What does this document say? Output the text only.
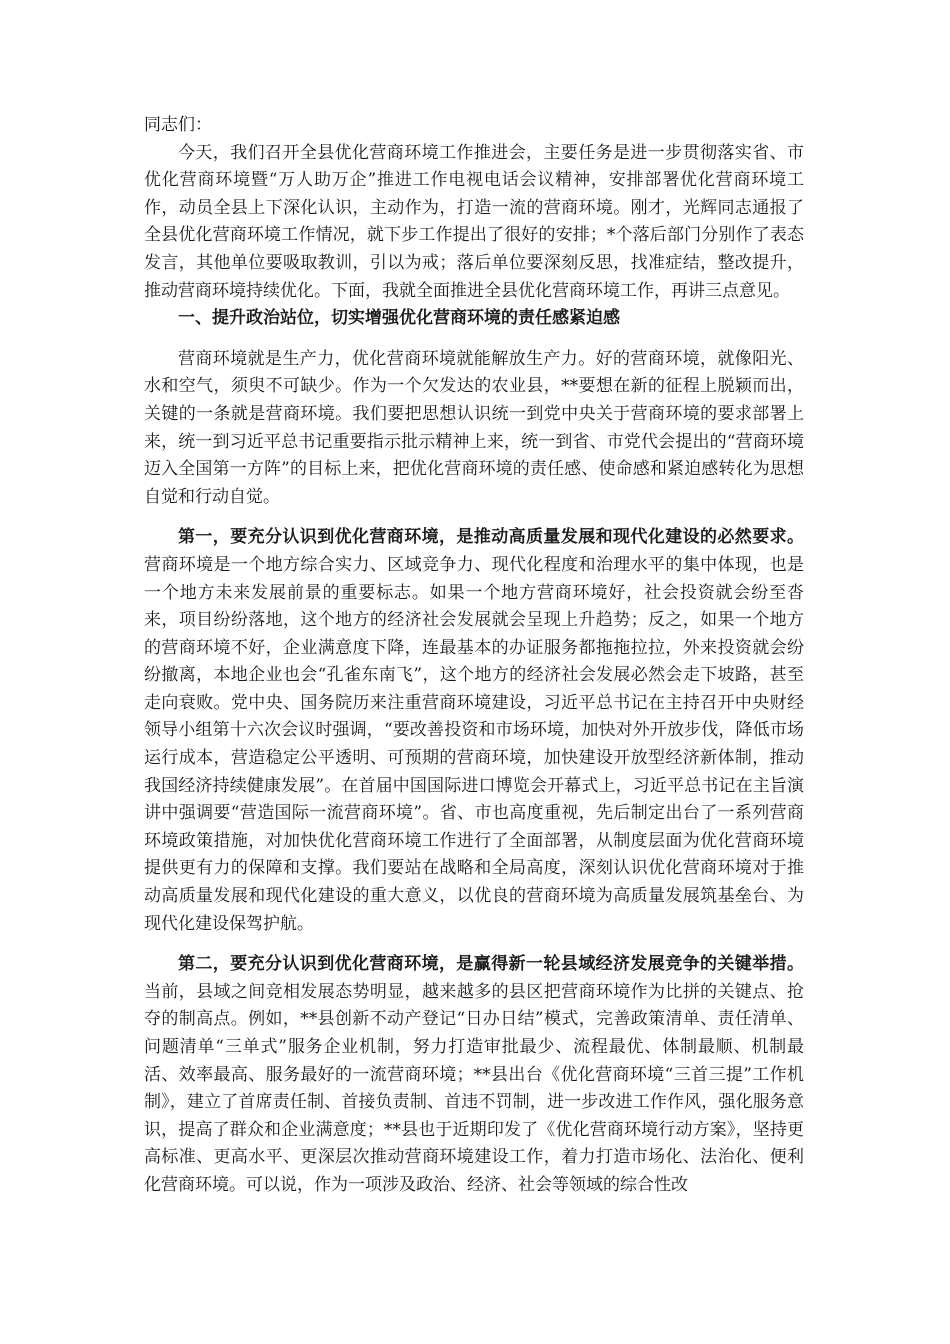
同志们：

今天，我们召开全县优化营商环境工作推进会，主要任务是进一步贯彻落实省、市优化营商环境暨“万人助万企”推进工作电视电话会议精神，安排部署优化营商环境工作，动员全县上下深化认识，主动作为，打造一流的营商环境。刚才，光辉同志通报了全县优化营商环境工作情况，就下步工作提出了很好的安排；*个落后部门分别作了表态发言，其他单位要吸取教训，引以为戒；落后单位要深刻反思，找准症结，整改提升，推动营商环境持续优化。下面，我就全面推进全县优化营商环境工作，再讲三点意见。

一、提升政治站位，切实增强优化营商环境的责任感紧迫感

营商环境就是生产力，优化营商环境就能解放生产力。好的营商环境，就像阳光、水和空气，须臾不可缺少。作为一个欠发达的农业县，**要想在新的征程上脱颖而出，关键的一条就是营商环境。我们要把思想认识统一到党中央关于营商环境的要求部署上来，统一到习近平总书记重要指示批示精神上来，统一到省、市党代会提出的“营商环境迈入全国第一方阵”的目标上来，把优化营商环境的责任感、使命感和紧迫感转化为思想自觉和行动自觉。

第一，要充分认识到优化营商环境，是推动高质量发展和现代化建设的必然要求。营商环境是一个地方综合实力、区域竞争力、现代化程度和治理水平的集中体现，也是一个地方未来发展前景的重要标志。如果一个地方营商环境好，社会投资就会纷至沓来，项目纷纷落地，这个地方的经济社会发展就会呈现上升趋势；反之，如果一个地方的营商环境不好，企业满意度下降，连最基本的办证服务都拖拖拉拉，外来投资就会纷纷撤离，本地企业也会“孔雀东南飞”，这个地方的经济社会发展必然会走下坡路，甚至走向衰败。党中央、国务院历来注重营商环境建设，习近平总书记在主持召开中央财经领导小组第十六次会议时强调，“要改善投资和市场环境，加快对外开放步伐，降低市场运行成本，营造稳定公平透明、可预期的营商环境，加快建设开放型经济新体制，推动我国经济持续健康发展”。在首届中国国际进口博览会开幕式上，习近平总书记在主旨演讲中强调要“营造国际一流营商环境”。省、市也高度重视，先后制定出台了一系列营商环境政策措施，对加快优化营商环境工作进行了全面部署，从制度层面为优化营商环境提供更有力的保障和支撑。我们要站在战略和全局高度，深刻认识优化营商环境对于推动高质量发展和现代化建设的重大意义，以优良的营商环境为高质量发展筑基垒台、为现代化建设保驾护航。

第二，要充分认识到优化营商环境，是赢得新一轮县域经济发展竞争的关键举措。当前，县域之间竞相发展态势明显，越来越多的县区把营商环境作为比拼的关键点、抢夺的制高点。例如，**县创新不动产登记“日办日结”模式，完善政策清单、责任清单、问题清单“三单式”服务企业机制，努力打造审批最少、流程最优、体制最顺、机制最活、效率最高、服务最好的一流营商环境；**县出台《优化营商环境“三首三提”工作机制》，建立了首席责任制、首接负责制、首违不罚制，进一步改进工作作风，强化服务意识，提高了群众和企业满意度；**县也于近期印发了《优化营商环境行动方案》，坚持更高标准、更高水平、更深层次推动营商环境建设工作，着力打造市场化、法治化、便利化营商环境。可以说，作为一项涉及政治、经济、社会等领域的综合性改
